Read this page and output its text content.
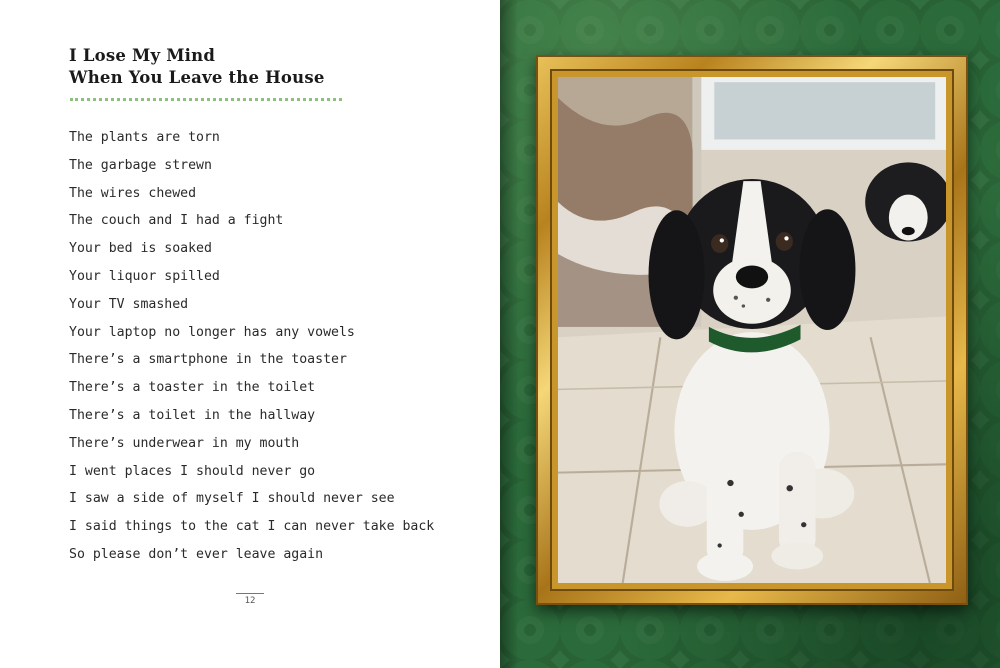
I Lose My Mind
When You Leave the House
The plants are torn
The garbage strewn
The wires chewed
The couch and I had a fight
Your bed is soaked
Your liquor spilled
Your TV smashed
Your laptop no longer has any vowels
There’s a smartphone in the toaster
There’s a toaster in the toilet
There’s a toilet in the hallway
There’s underwear in my mouth
I went places I should never go
I saw a side of myself I should never see
I said things to the cat I can never take back
So please don’t ever leave again
12
